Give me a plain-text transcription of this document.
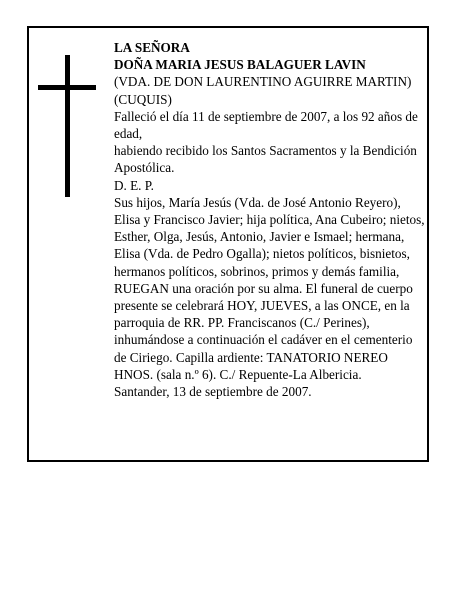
LA SEÑORA

DOÑA MARIA JESUS BALAGUER LAVIN

(VDA. DE DON LAURENTINO AGUIRRE MARTIN) (CUQUIS)

Falleció el día 11 de septiembre de 2007, a los 92 años de edad,

habiendo recibido los Santos Sacramentos y la Bendición Apostólica.

D. E. P.

Sus hijos, María Jesús (Vda. de José Antonio Reyero), Elisa y Francisco Javier; hija política, Ana Cubeiro; nietos, Esther, Olga, Jesús, Antonio, Javier e Ismael; hermana, Elisa (Vda. de Pedro Ogalla); nietos políticos, bisnietos, hermanos políticos, sobrinos, primos y demás familia,

RUEGAN una oración por su alma. El funeral de cuerpo presente se celebrará HOY, JUEVES, a las ONCE, en la parroquia de RR. PP. Franciscanos (C./ Perines), inhumándose a continuación el cadáver en el cementerio de Ciriego. Capilla ardiente: TANATORIO NEREO HNOS. (sala n.º 6). C./ Repuente-La Albericia.

Santander, 13 de septiembre de 2007.
